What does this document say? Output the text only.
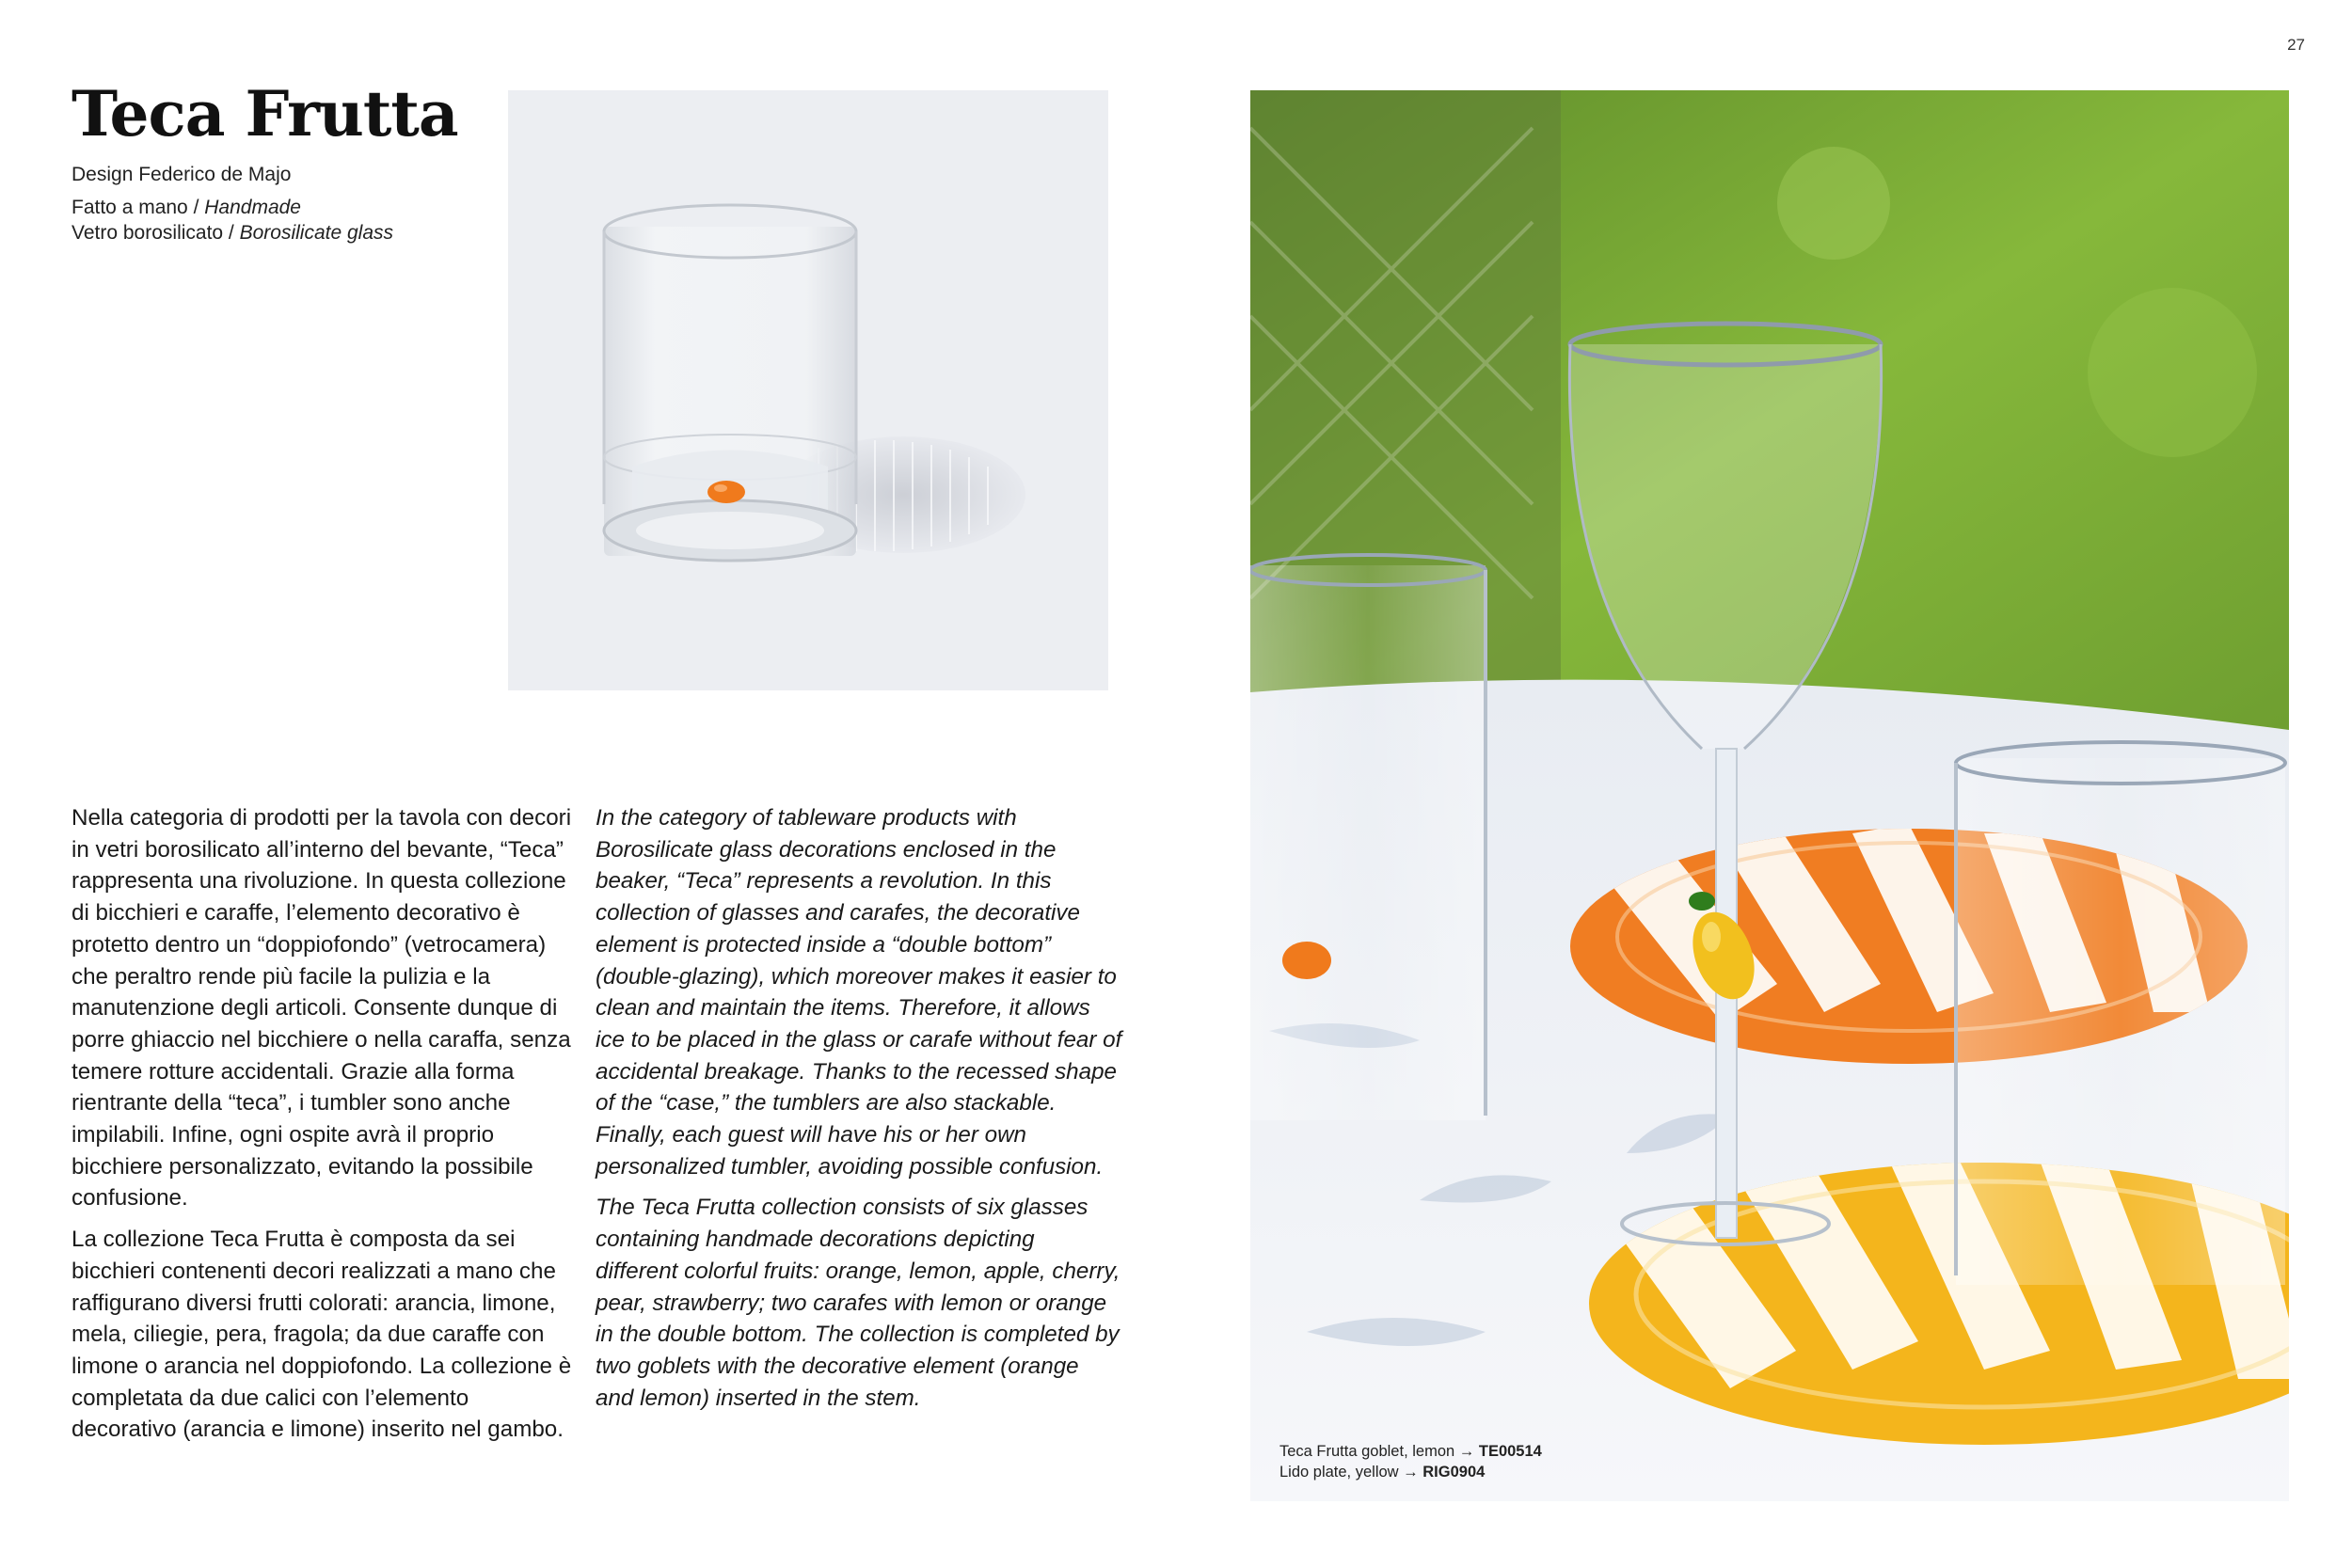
27
Teca Frutta
Design Federico de Majo
Fatto a mano / Handmade
Vetro borosilicato / Borosilicate glass

Nella categoria di prodotti per la tavola con decori in vetri borosilicato all’interno del bevante, “Teca” rappresenta una rivoluzione. In questa collezione di bicchieri e caraffe, l’elemento decorativo è protetto dentro un “doppiofondo” (vetrocamera) che peraltro rende più facile la pulizia e la manutenzione degli articoli. Consente dunque di porre ghiaccio nel bicchiere o nella caraffa, senza temere rotture accidentali. Grazie alla forma rientrante della “teca”, i tumbler sono anche impilabili. Infine, ogni ospite avrà il proprio bicchiere personalizzato, evitando la possibile confusione.

La collezione Teca Frutta è composta da sei bicchieri contenenti decori realizzati a mano che raffigurano diversi frutti colorati: arancia, limone, mela, ciliegie, pera, fragola; da due caraffe con limone o arancia nel doppiofondo. La collezione è completata da due calici con l’elemento decorativo (arancia e limone) inserito nel gambo.

In the category of tableware products with Borosilicate glass decorations enclosed in the beaker, “Teca” represents a revolution. In this collection of glasses and carafes, the decorative element is protected inside a “double bottom” (double-glazing), which moreover makes it easier to clean and maintain the items. Therefore, it allows ice to be placed in the glass or carafe without fear of accidental breakage. Thanks to the recessed shape of the “case,” the tumblers are also stackable. Finally, each guest will have his or her own personalized tumbler, avoiding possible confusion.

The Teca Frutta collection consists of six glasses containing handmade decorations depicting different colorful fruits: orange, lemon, apple, cherry, pear, strawberry; two carafes with lemon or orange in the double bottom. The collection is completed by two goblets with the decorative element (orange and lemon) inserted in the stem.

Teca Frutta goblet, lemon → TE00514
Lido plate, yellow → RIG0904
